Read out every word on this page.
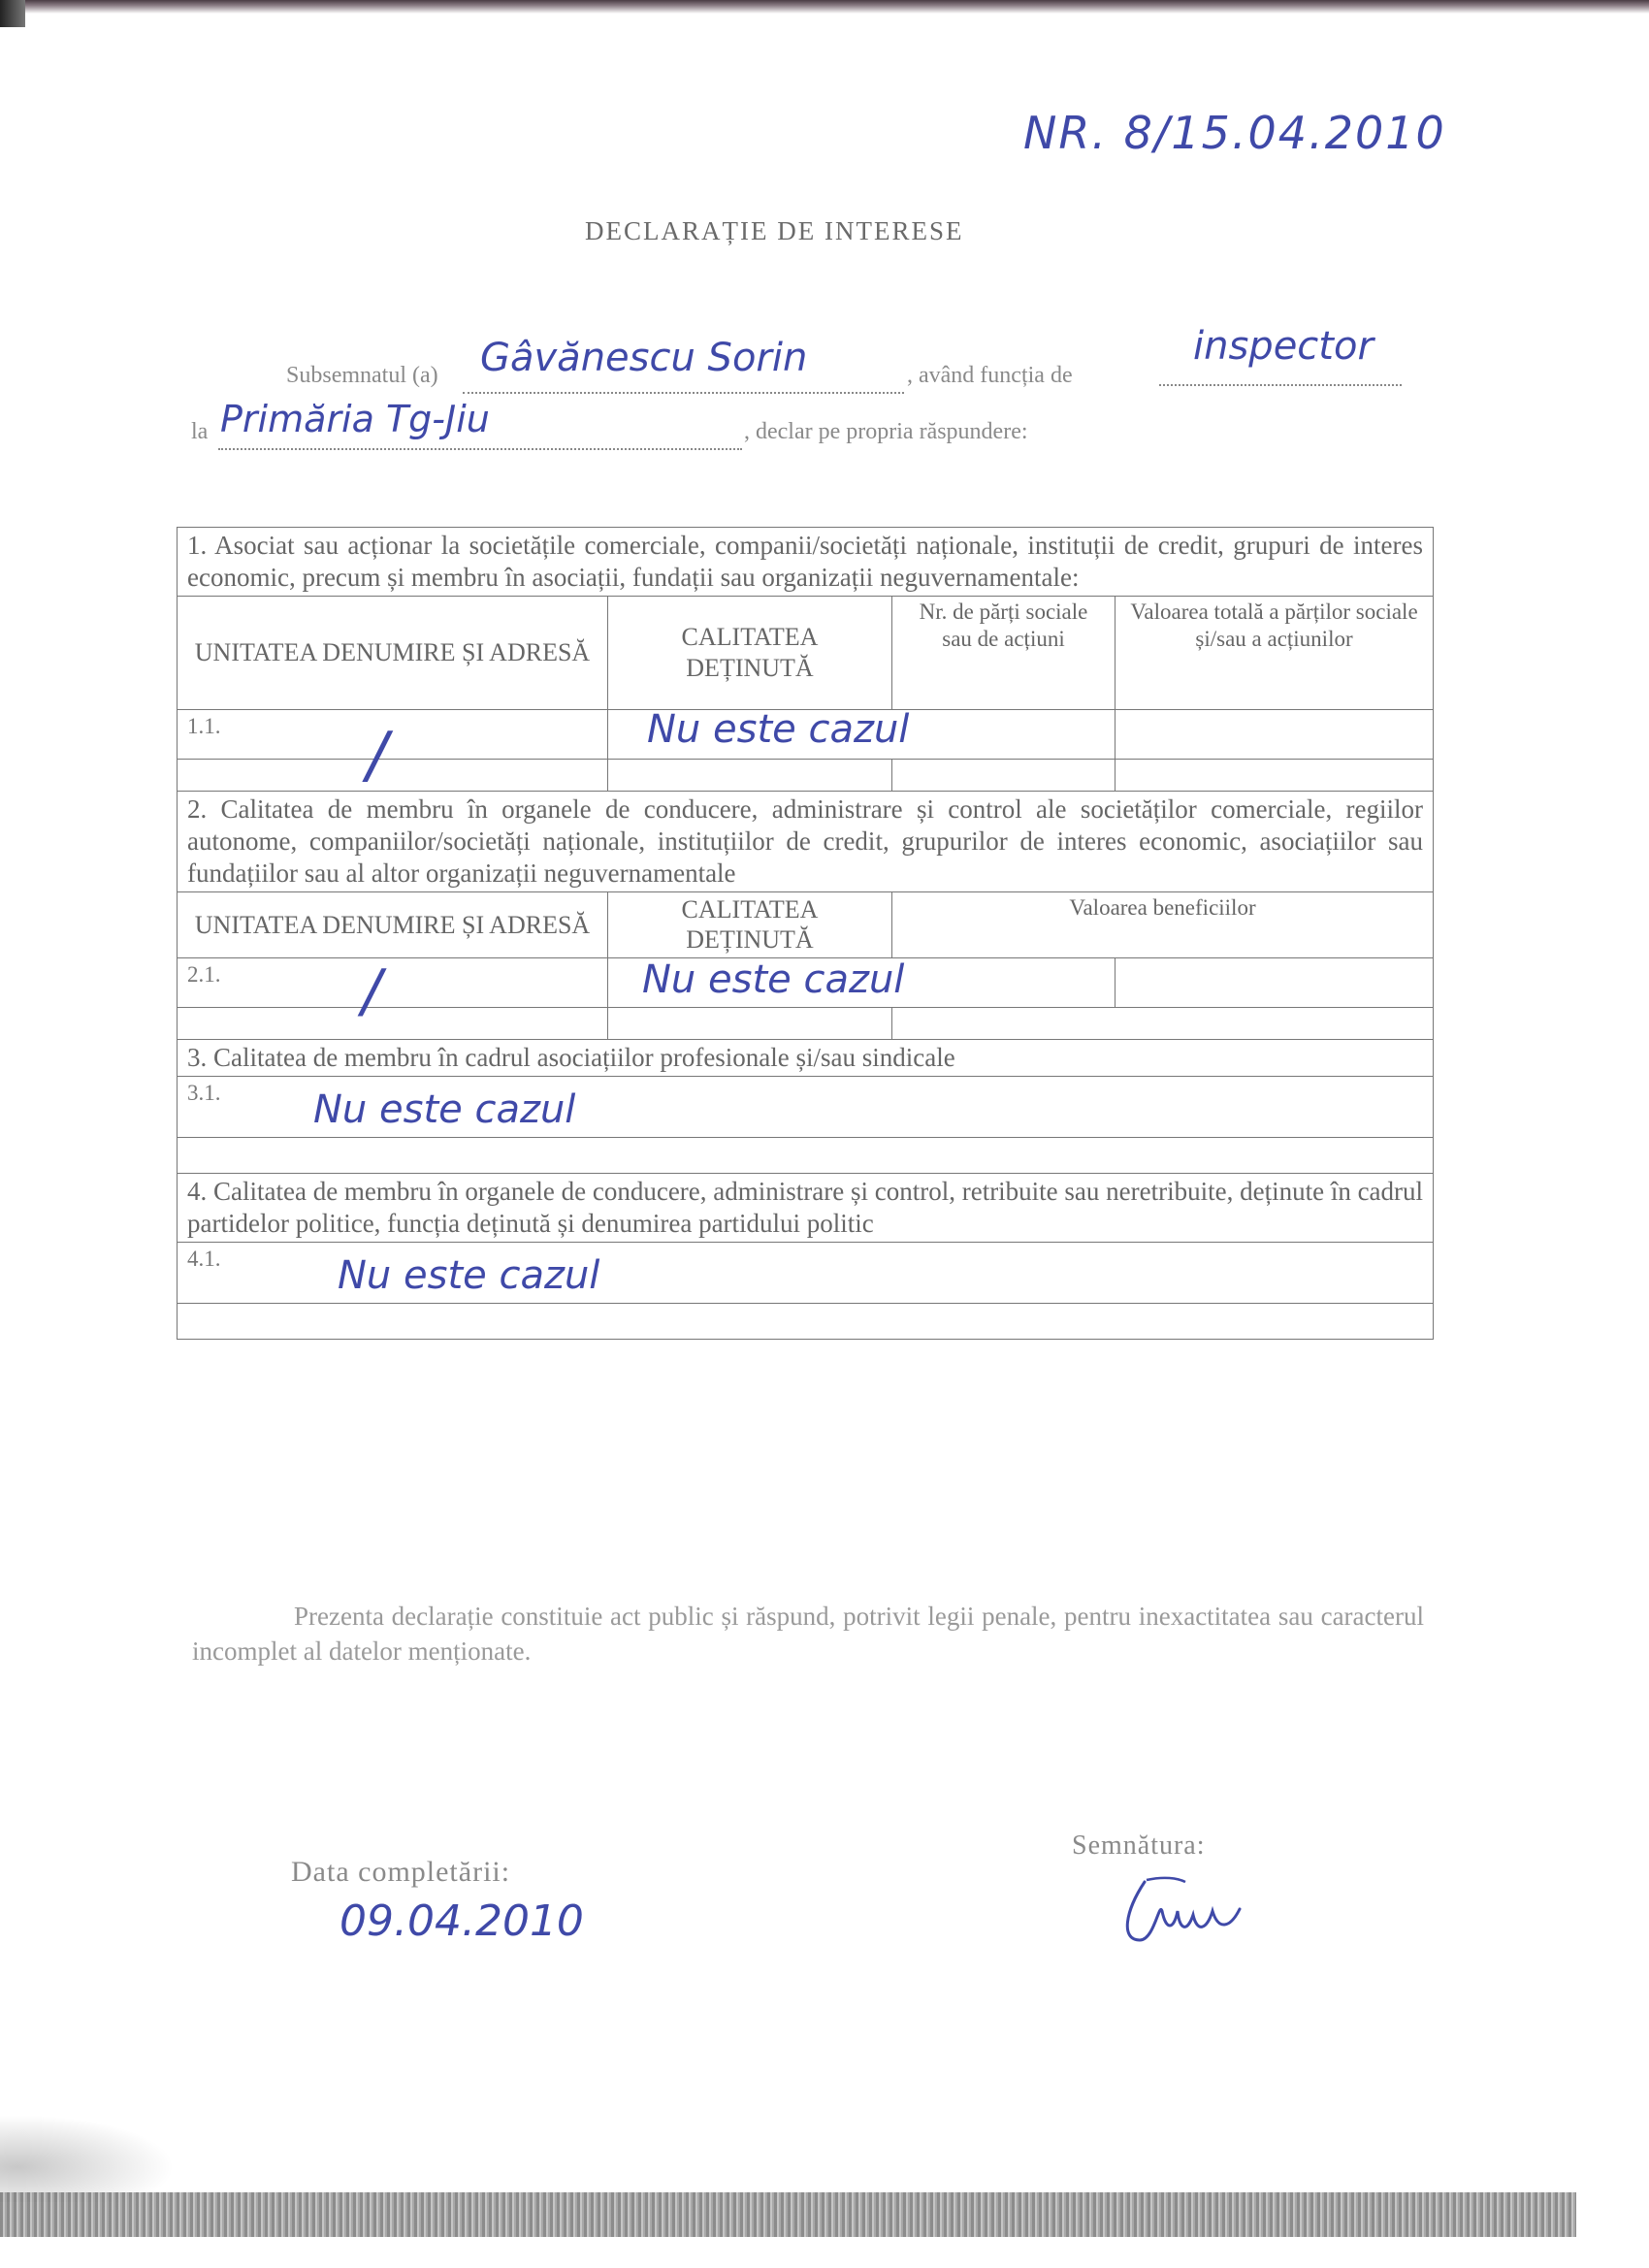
NR. 8/15.04.2010
DECLARAȚIE DE INTERESE
Subsemnatul (a) Gâvănescu Sorin	, având funcția de
inspector
la Primăria Tg-Jiu	, declar pe propria răspundere:
1. Asociat sau acționar la societățile comerciale, companii/societăți naționale, instituții de credit, grupuri de interes economic, precum și membru în asociații, fundații sau organizații neguvernamentale:			
UNITATEA DENUMIRE ȘI ADRESĂ	CALITATEA DEȚINUTĂ	Nr. de părți sociale sau de acțiuni	Valoarea totală a părților sociale și/sau a acțiunilor
1.1. /	Nu este cazul		

2. Calitatea de membru în organele de conducere, administrare și control ale societăților comerciale, regiilor autonome, companiilor/societăți naționale, instituțiilor de credit, grupurilor de interes economic, asociațiilor sau fundațiilor sau al altor organizații neguvernamentale			
UNITATEA DENUMIRE ȘI ADRESĂ	CALITATEA DEȚINUTĂ	Valoarea beneficiilor	
2.1. /	Nu este cazul		

3. Calitatea de membru în cadrul asociațiilor profesionale și/sau sindicale			
3.1. Nu este cazul			

4. Calitatea de membru în organele de conducere, administrare și control, retribuite sau neretribuite, deținute în cadrul partidelor politice, funcția deținută și denumirea partidului politic			
4.1. Nu este cazul			

Prezenta declarație constituie act public și răspund, potrivit legii penale, pentru inexactitatea sau caracterul incomplet al datelor menționate.
Data completării:
09.04.2010
Semnătura:
